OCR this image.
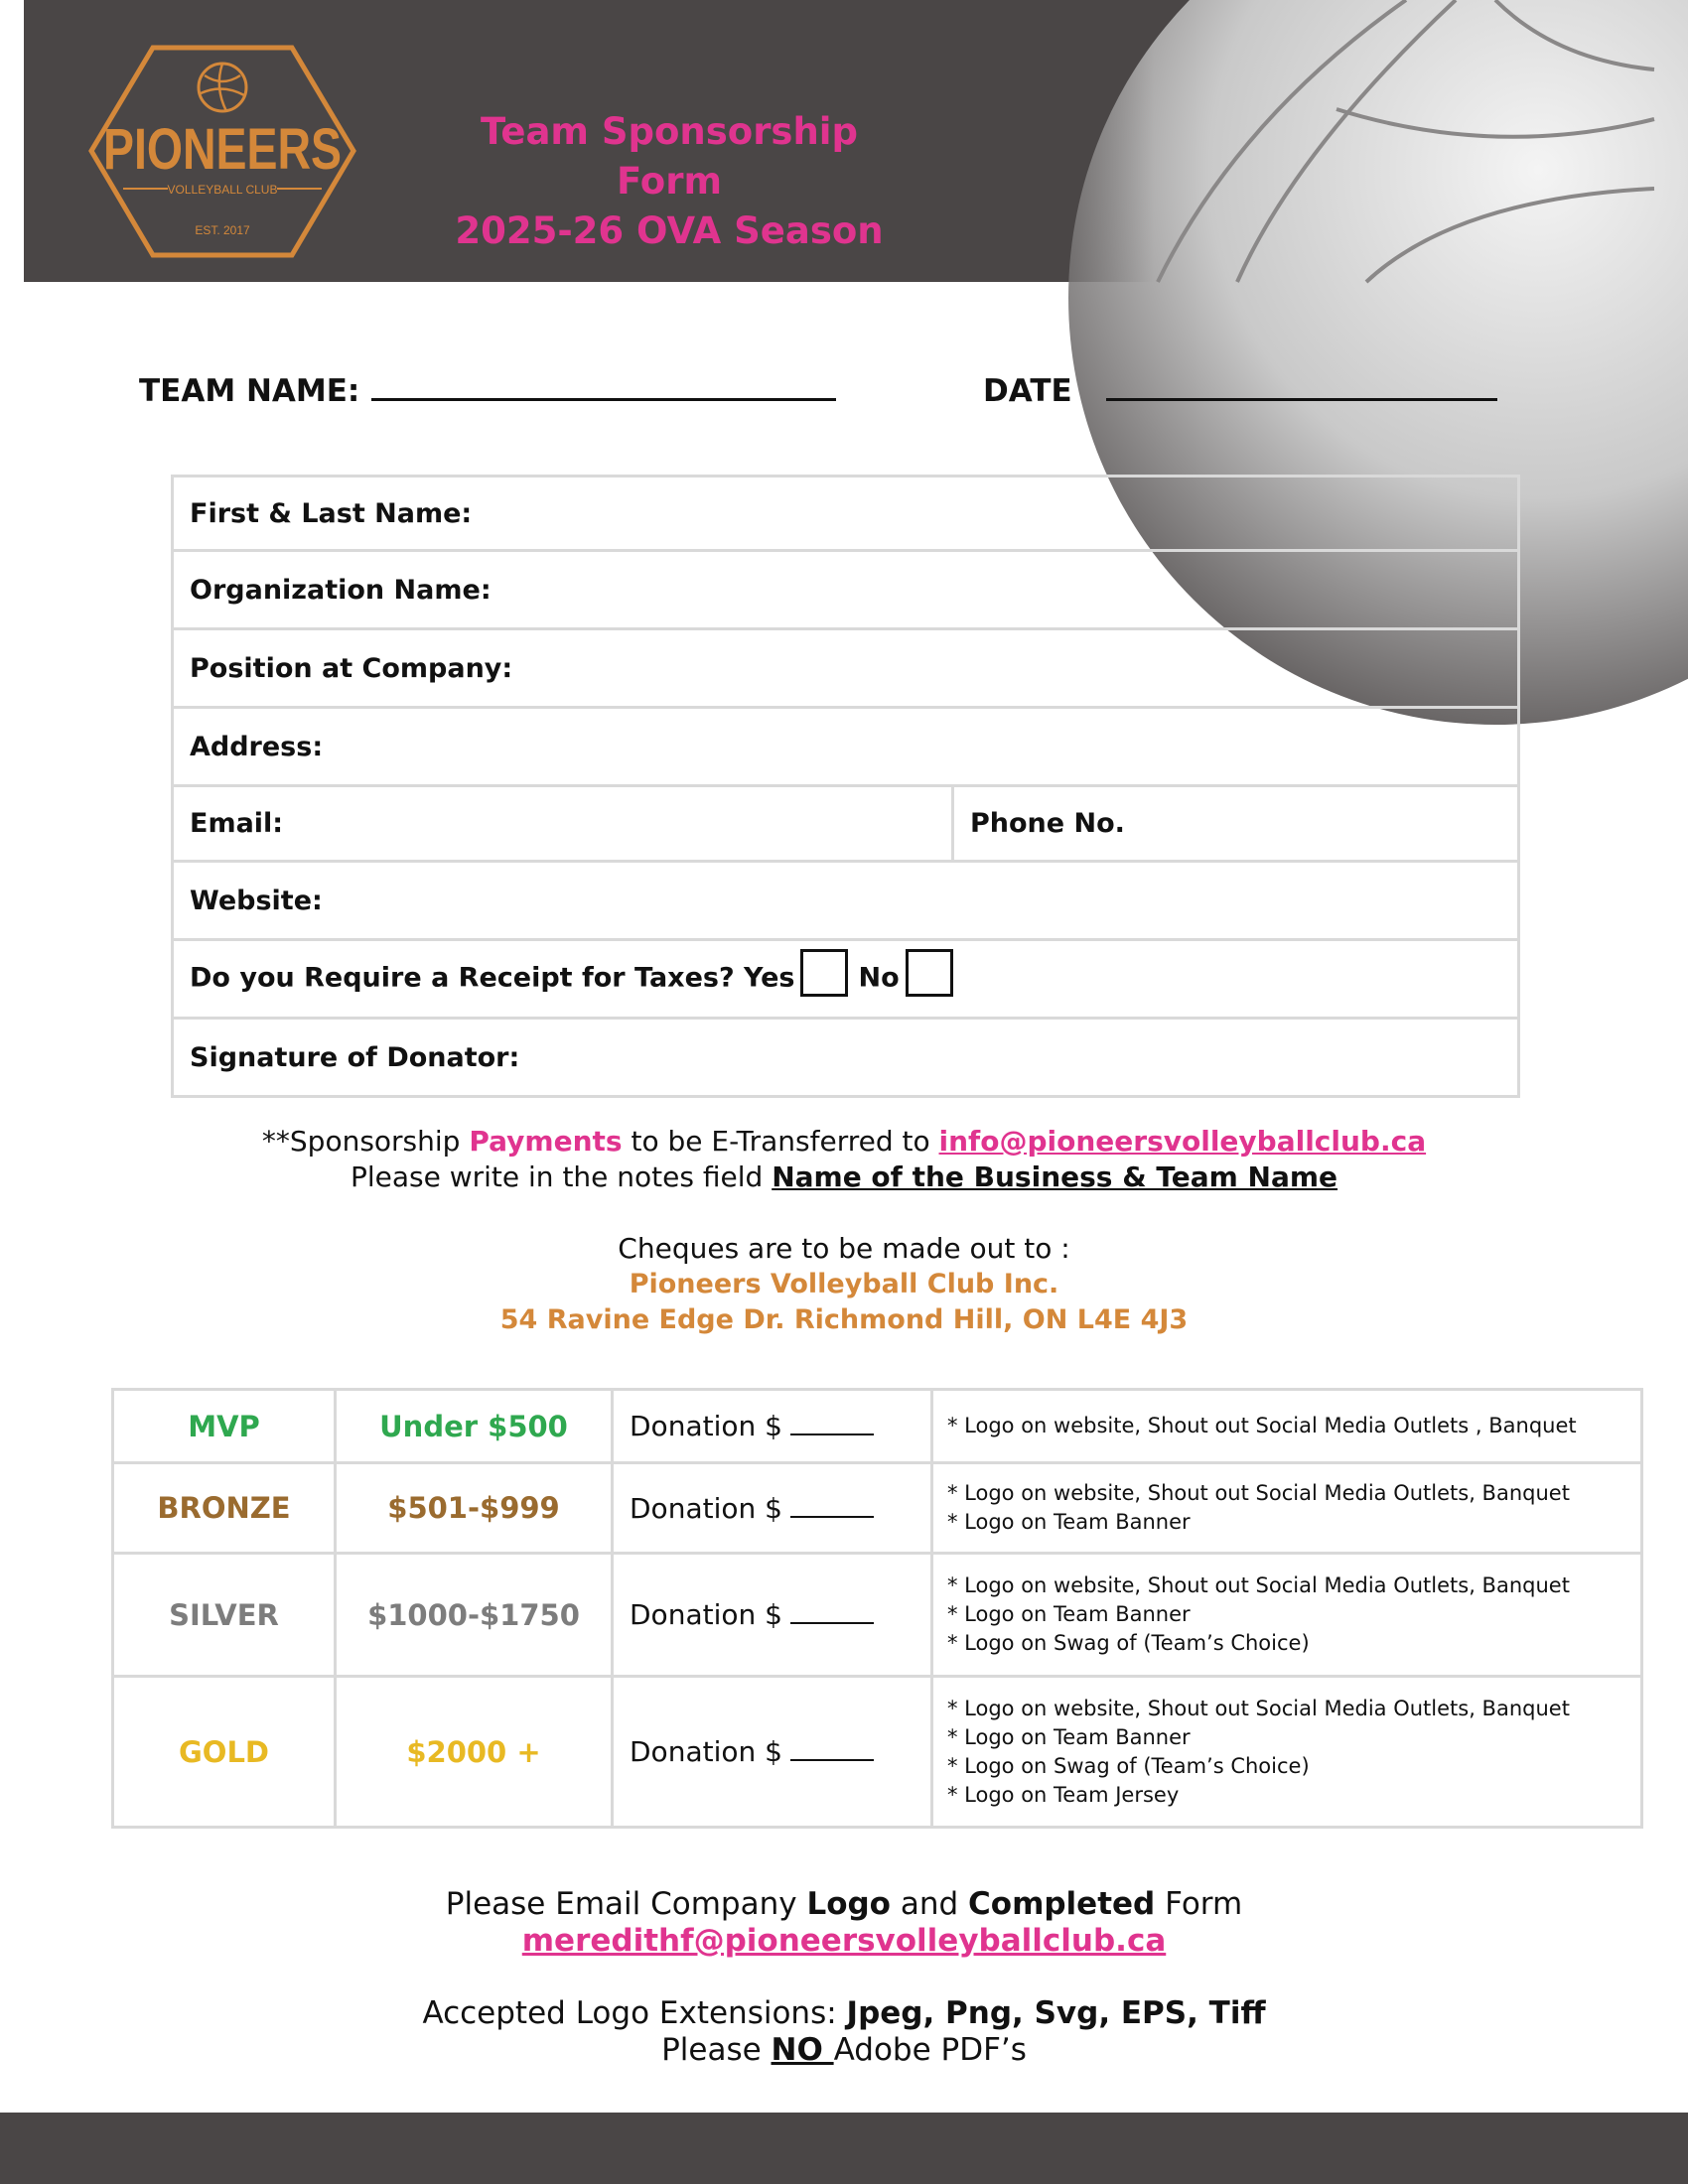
PIONEERS
VOLLEYBALL CLUB
EST. 2017
Team Sponsorship Form
2025-26 OVA Season
TEAM NAME:	DATE
First & Last Name:
Organization Name:
Position at Company:
Address:
Email:	Phone No.
Website:
Do you Require a Receipt for Taxes? Yes No
Signature of Donator:
**Sponsorship Payments to be E-Transferred to info@pioneersvolleyballclub.ca
Please write in the notes field Name of the Business & Team Name
Cheques are to be made out to :
Pioneers Volleyball Club Inc.
54 Ravine Edge Dr. Richmond Hill, ON L4E 4J3
MVP	Under $500	Donation $	* Logo on website, Shout out Social Media Outlets , Banquet

BRONZE	$501-$999	Donation $	* Logo on website, Shout out Social Media Outlets, Banquet
* Logo on Team Banner

SILVER	$1000-$1750	Donation $	* Logo on website, Shout out Social Media Outlets, Banquet
* Logo on Team Banner
* Logo on Swag of (Team’s Choice)

GOLD	$2000 +	Donation $	* Logo on website, Shout out Social Media Outlets, Banquet
* Logo on Team Banner
* Logo on Swag of (Team’s Choice)
* Logo on Team Jersey
Please Email Company Logo and Completed Form
meredithf@pioneersvolleyballclub.ca
Accepted Logo Extensions: Jpeg, Png, Svg, EPS, Tiff
Please NO Adobe PDF’s
